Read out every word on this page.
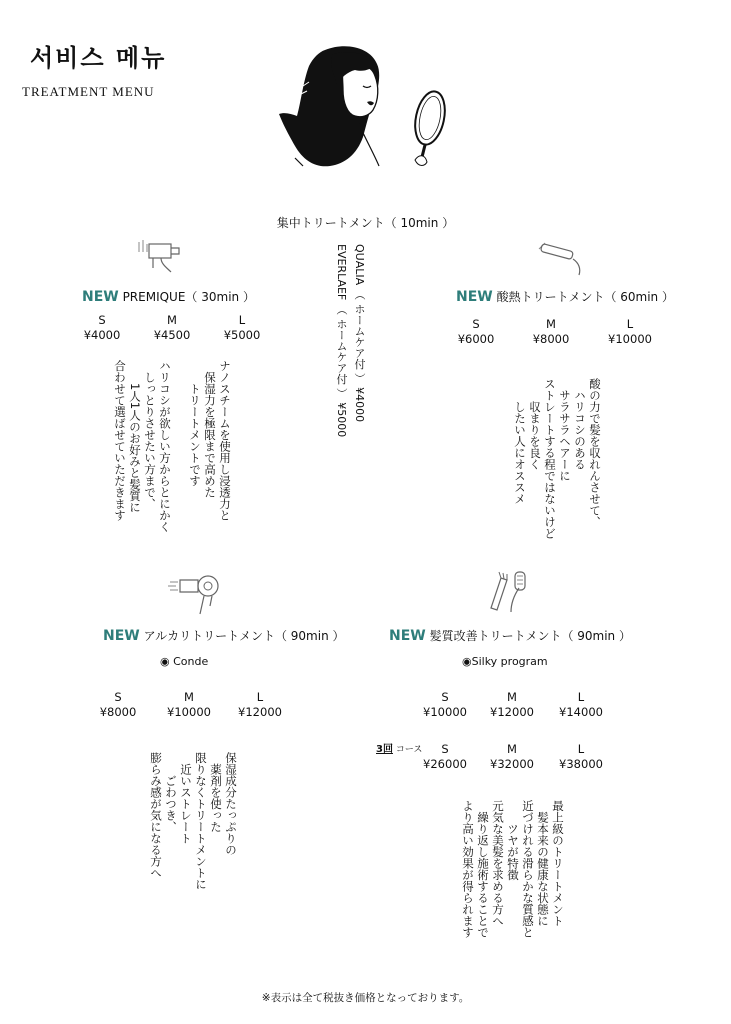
서비스 메뉴
TREATMENT MENU
集中トリートメント（ 10min ）
QUALIA （ ホームケア付 ） ¥4000
EVERLAEF （ ホームケア付 ） ¥5000
NEW PREMIQUE（ 30min ）
S
¥4000
M
¥4500
L
¥5000
ナノスチームを使用し浸透力と
　保湿力を極限まで高めた
　　トリートメントです

ハリコシが欲しい方からとにかく
　しっとりさせたい方まで、
　　1人1人のお好みと髪質に
合わせて選ばせていただきます
NEW 酸熱トリートメント（ 60min ）
S
¥6000
M
¥8000
L
¥10000
酸の力で髪を収れんさせて、
　ハリコシのある
　サラサラヘアーに
ストレートする程ではないけど
　　収まりを良く
　　したい人にオススメ
NEW アルカリトリートメント（ 90min ）
◉ Conde
S
¥8000
M
¥10000
L
¥12000
保湿成分たっぷりの
　薬剤を使った
限りなくトリートメントに
　近いストレート
　　ごわつき、
膨らみ感が気になる方へ
NEW 髪質改善トリートメント（ 90min ）
◉Silky program
S
¥10000
M
¥12000
L
¥14000
3回 コース	S
¥26000
M
¥32000
L
¥38000
最上級のトリートメント
　髪本来の健康な状態に
近づけれる滑らかな質感と
　　ツヤが特徴
元気な美髪を求める方へ
　繰り返し施術することで
より高い効果が得られます
※表示は全て税抜き価格となっております。
